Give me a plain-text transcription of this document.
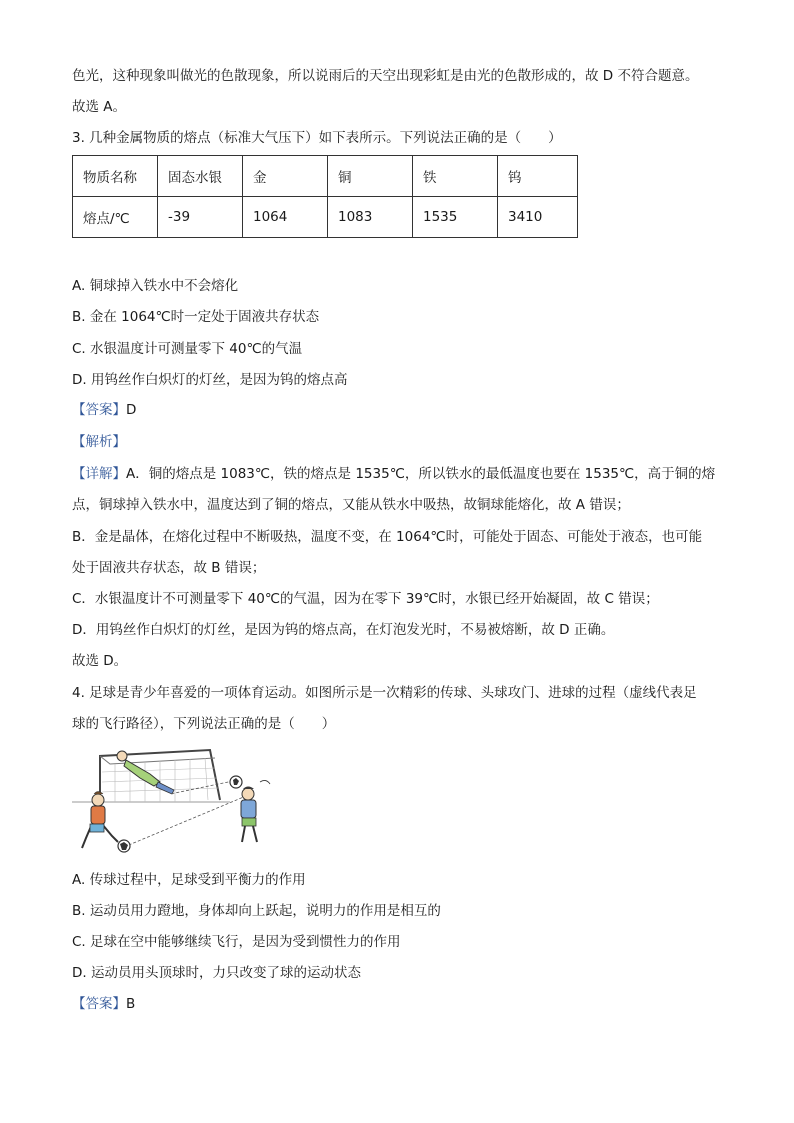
色光，这种现象叫做光的色散现象，所以说雨后的天空出现彩虹是由光的色散形成的，故 D 不符合题意。
故选 A。
3. 几种金属物质的熔点（标准大气压下）如下表所示。下列说法正确的是（　　）
物质名称	固态水银	金	铜	铁	钨
熔点/℃	-39	1064	1083	1535	3410
A. 铜球掉入铁水中不会熔化
B. 金在 1064℃时一定处于固液共存状态
C. 水银温度计可测量零下 40℃的气温
D. 用钨丝作白炽灯的灯丝，是因为钨的熔点高
【答案】D
【解析】
【详解】A．铜的熔点是 1083℃，铁的熔点是 1535℃，所以铁水的最低温度也要在 1535℃，高于铜的熔
点，铜球掉入铁水中，温度达到了铜的熔点，又能从铁水中吸热，故铜球能熔化，故 A 错误；
B．金是晶体，在熔化过程中不断吸热，温度不变，在 1064℃时，可能处于固态、可能处于液态，也可能
处于固液共存状态，故 B 错误；
C．水银温度计不可测量零下 40℃的气温，因为在零下 39℃时，水银已经开始凝固，故 C 错误；
D．用钨丝作白炽灯的灯丝，是因为钨的熔点高，在灯泡发光时，不易被熔断，故 D 正确。
故选 D。
4. 足球是青少年喜爱的一项体育运动。如图所示是一次精彩的传球、头球攻门、进球的过程（虚线代表足
球的飞行路径），下列说法正确的是（　　）
A. 传球过程中，足球受到平衡力的作用
B. 运动员用力蹬地，身体却向上跃起，说明力的作用是相互的
C. 足球在空中能够继续飞行，是因为受到惯性力的作用
D. 运动员用头顶球时，力只改变了球的运动状态
【答案】B
